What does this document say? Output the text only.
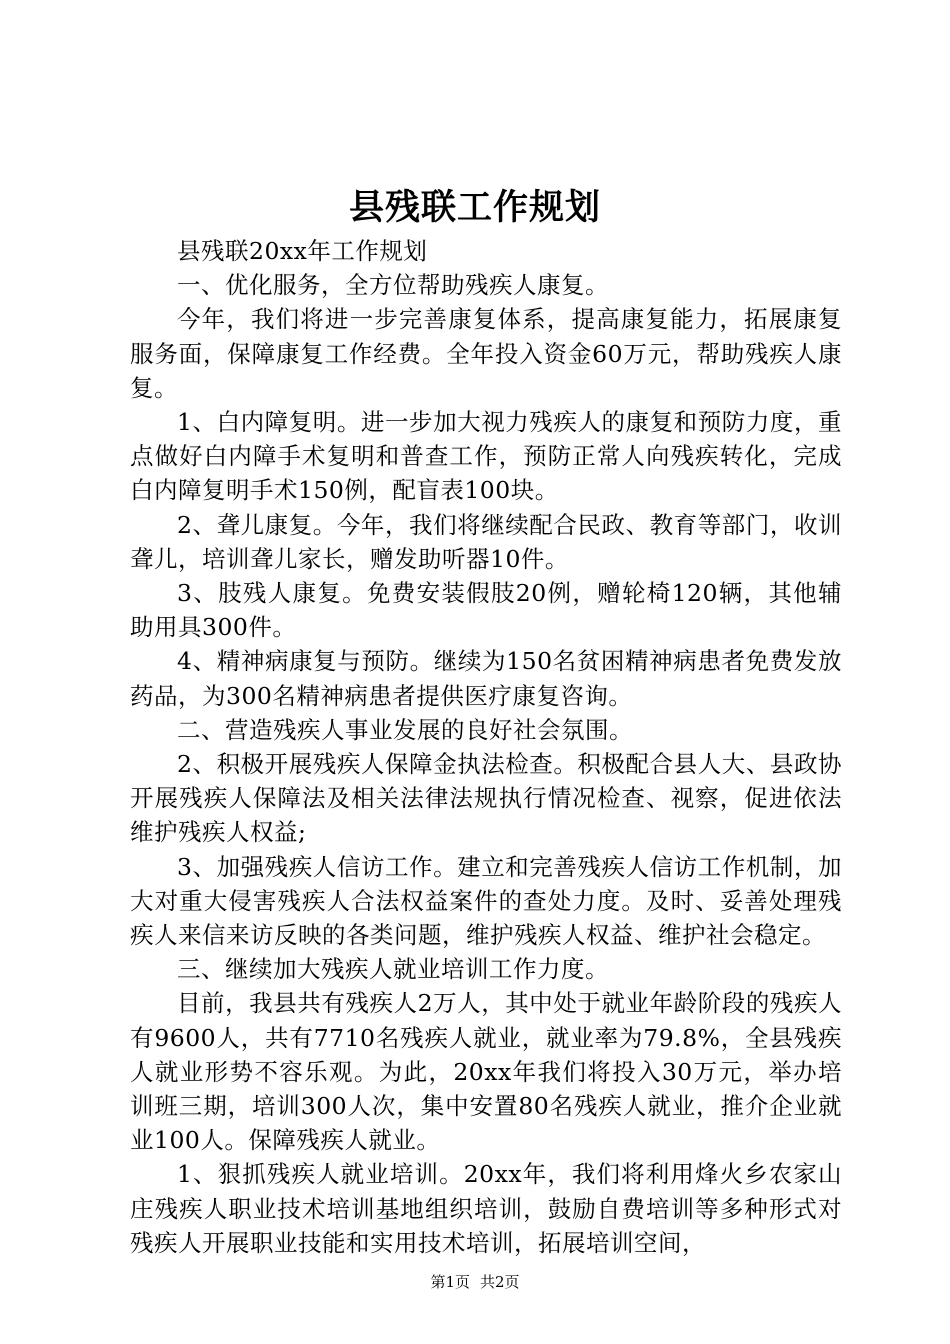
县残联工作规划

县残联20xx年工作规划

一、优化服务，全方位帮助残疾人康复。

今年，我们将进一步完善康复体系，提高康复能力，拓展康复服务面，保障康复工作经费。全年投入资金60万元，帮助残疾人康复。

1、白内障复明。进一步加大视力残疾人的康复和预防力度，重点做好白内障手术复明和普查工作，预防正常人向残疾转化，完成白内障复明手术150例，配盲表100块。

2、聋儿康复。今年，我们将继续配合民政、教育等部门，收训聋儿，培训聋儿家长，赠发助听器10件。

3、肢残人康复。免费安装假肢20例，赠轮椅120辆，其他辅助用具300件。

4、精神病康复与预防。继续为150名贫困精神病患者免费发放药品，为300名精神病患者提供医疗康复咨询。

二、营造残疾人事业发展的良好社会氛围。

2、积极开展残疾人保障金执法检查。积极配合县人大、县政协开展残疾人保障法及相关法律法规执行情况检查、视察，促进依法维护残疾人权益;

3、加强残疾人信访工作。建立和完善残疾人信访工作机制，加大对重大侵害残疾人合法权益案件的查处力度。及时、妥善处理残疾人来信来访反映的各类问题，维护残疾人权益、维护社会稳定。

三、继续加大残疾人就业培训工作力度。

目前，我县共有残疾人2万人，其中处于就业年龄阶段的残疾人有9600人，共有7710名残疾人就业，就业率为79.8%，全县残疾人就业形势不容乐观。为此，20xx年我们将投入30万元，举办培训班三期，培训300人次，集中安置80名残疾人就业，推介企业就业100人。保障残疾人就业。

1、狠抓残疾人就业培训。20xx年，我们将利用烽火乡农家山庄残疾人职业技术培训基地组织培训，鼓励自费培训等多种形式对残疾人开展职业技能和实用技术培训，拓展培训空间，

第1页 共2页
